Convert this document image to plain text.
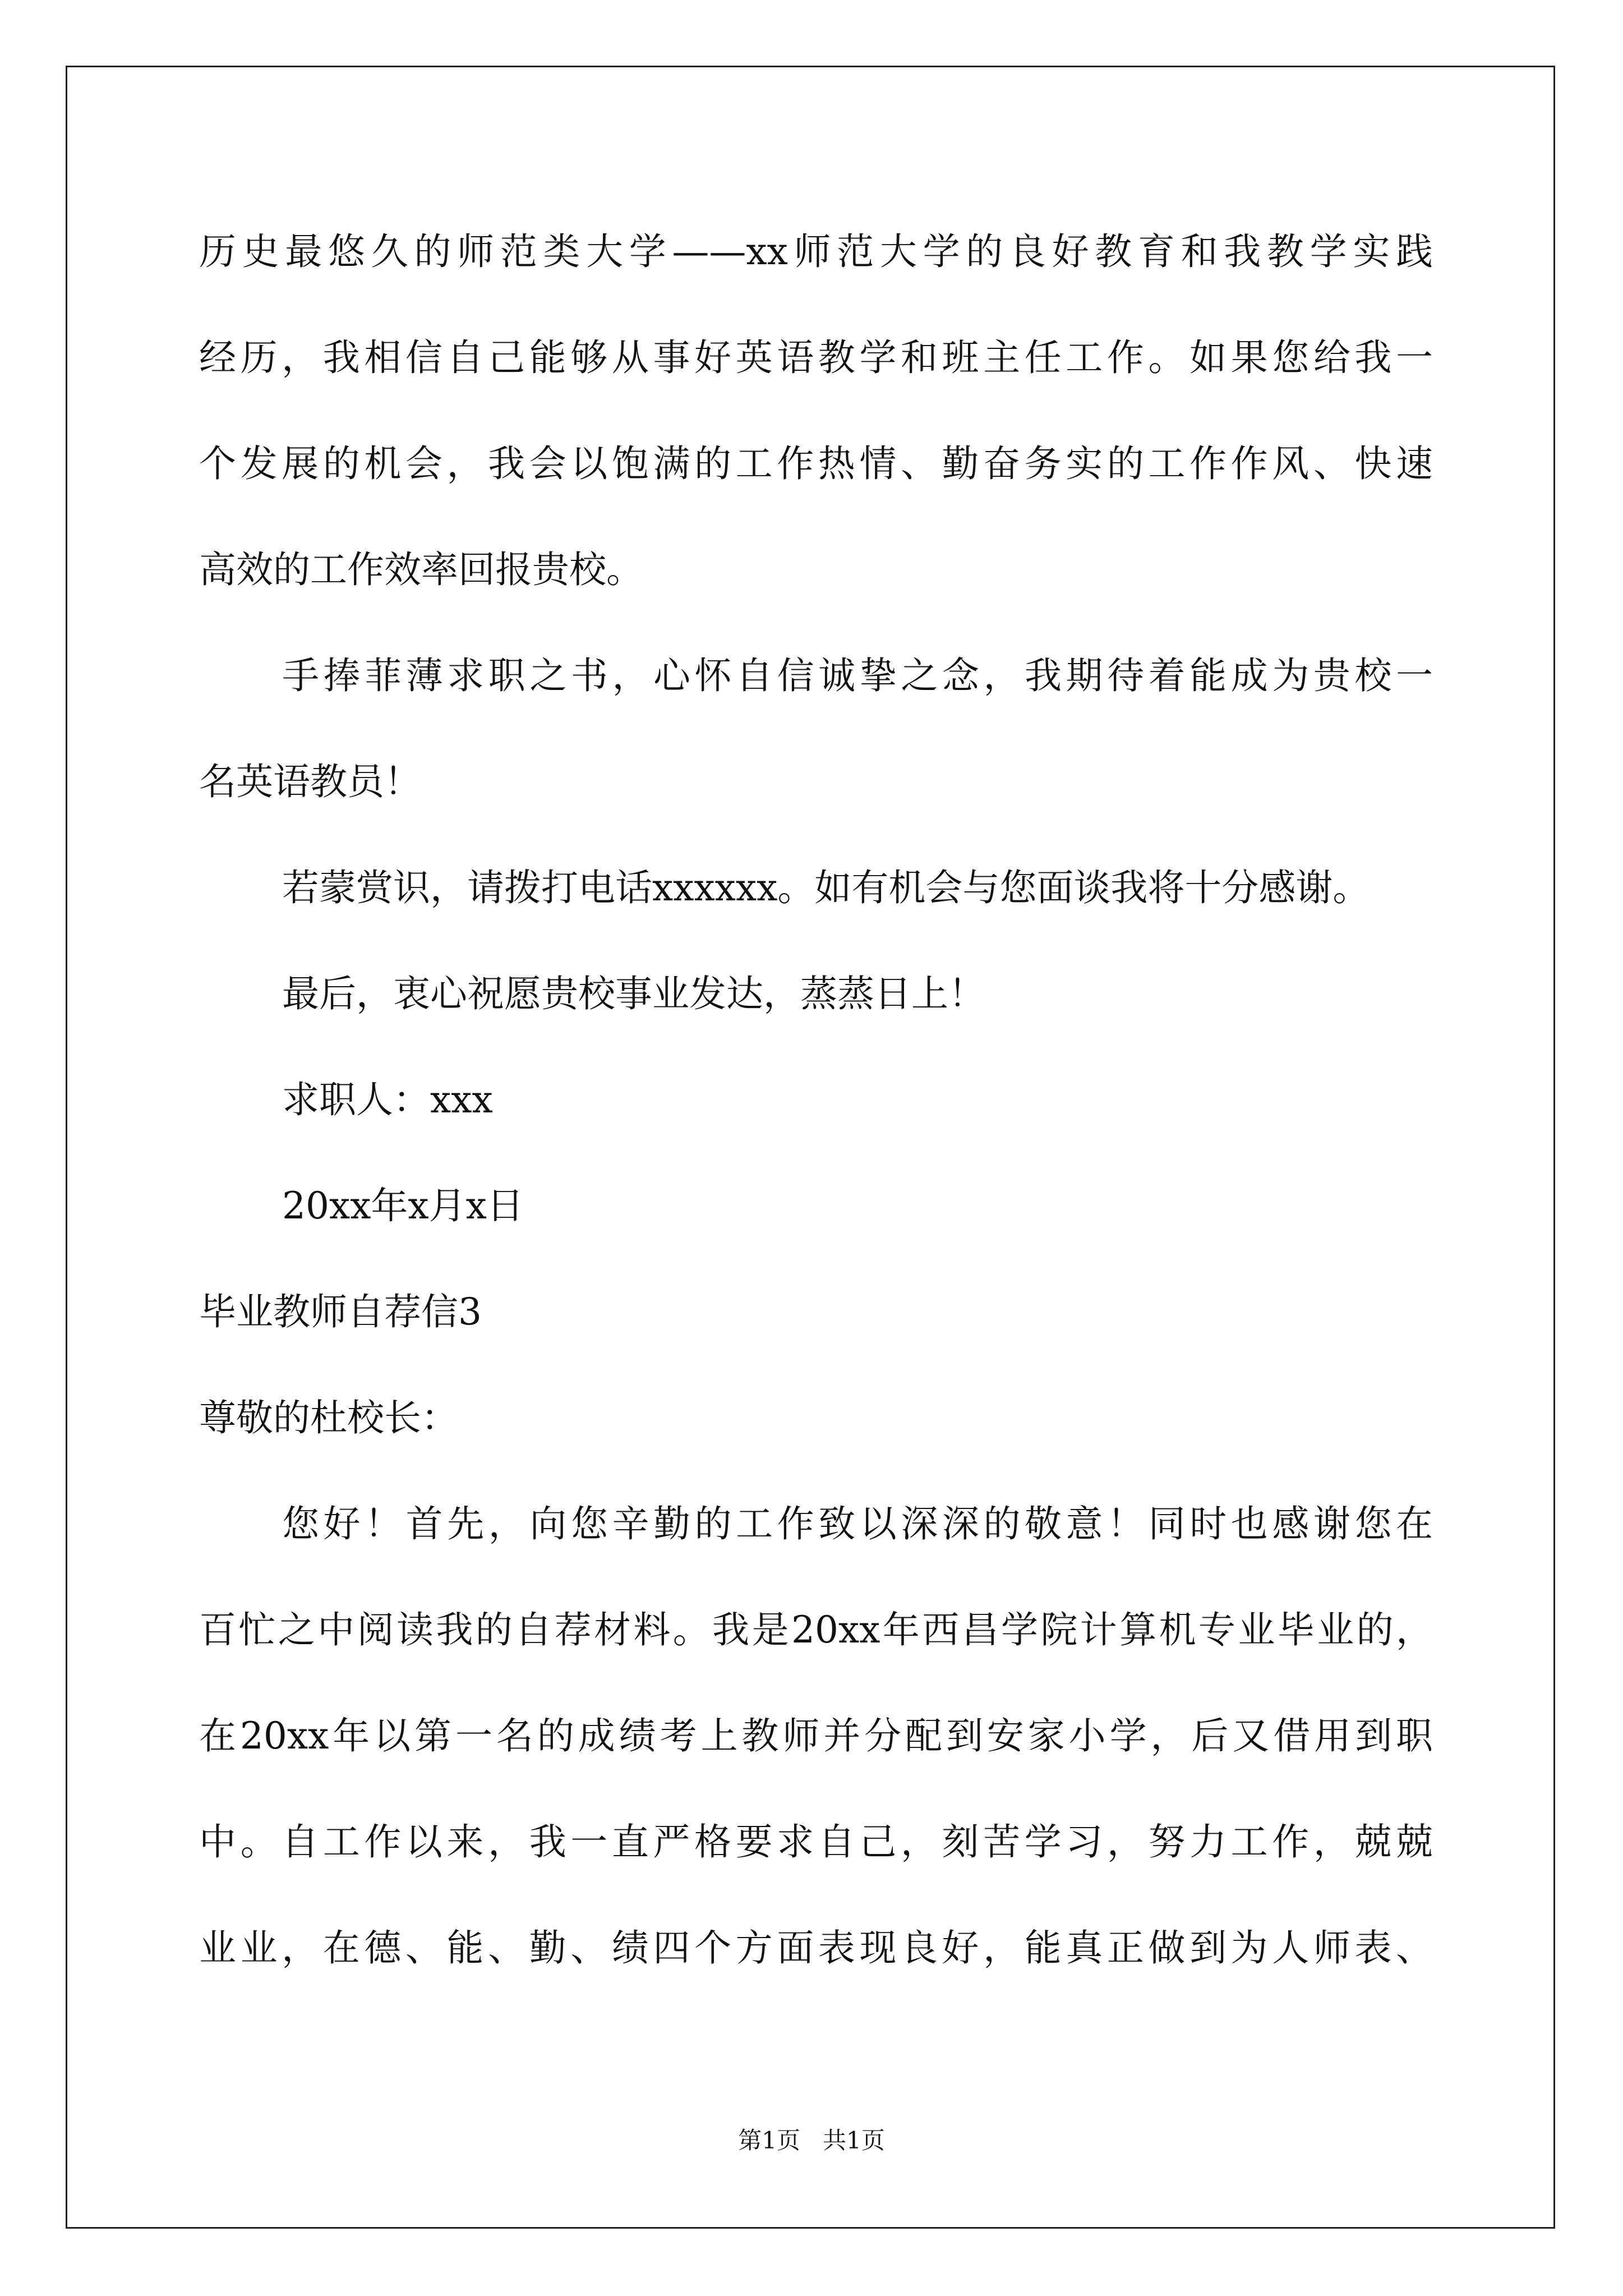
历史最悠久的师范类大学——xx师范大学的良好教育和我教学实践
经历，我相信自己能够从事好英语教学和班主任工作。如果您给我一
个发展的机会，我会以饱满的工作热情、勤奋务实的工作作风、快速
高效的工作效率回报贵校。
手捧菲薄求职之书，心怀自信诚挚之念，我期待着能成为贵校一
名英语教员！
若蒙赏识，请拨打电话xxxxxx。如有机会与您面谈我将十分感谢。
最后，衷心祝愿贵校事业发达，蒸蒸日上！
求职人：xxx
20xx年x月x日
毕业教师自荐信3
尊敬的杜校长：
您好！首先，向您辛勤的工作致以深深的敬意！同时也感谢您在
百忙之中阅读我的自荐材料。我是20xx年西昌学院计算机专业毕业的，
在20xx年以第一名的成绩考上教师并分配到安家小学，后又借用到职
中。自工作以来，我一直严格要求自己，刻苦学习，努力工作，兢兢
业业，在德、能、勤、绩四个方面表现良好，能真正做到为人师表、
第1页   共1页
